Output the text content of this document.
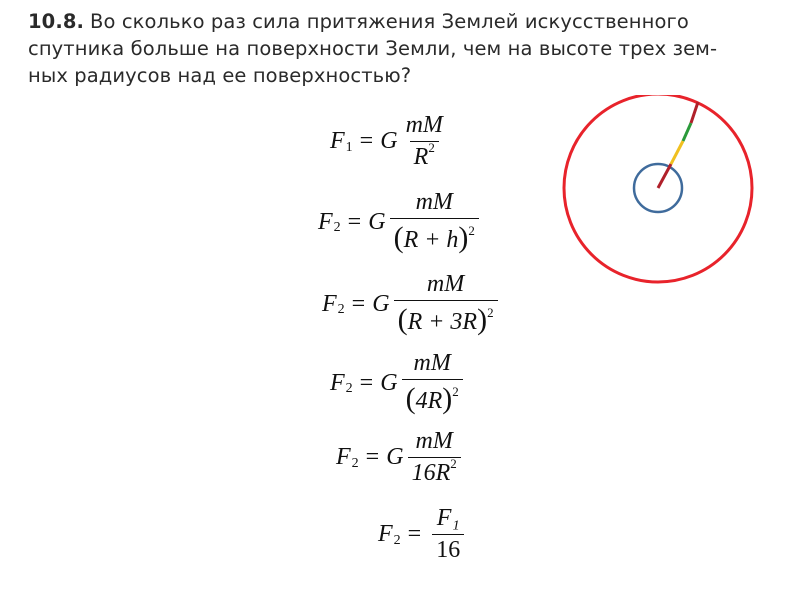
10.8. Во сколько раз сила притяжения Землей искусственного
спутника больше на поверхности Земли, чем на высоте трех зем-
ных радиусов над ее поверхностью?
F 1 = G $\frac{mM}{R^2}$
F 2 = G $\frac{mM}{(R + h)^2}$
F 2 = G $\frac{mM}{(R + 3R)^2}$
F 2 = G $\frac{mM}{(4R)^2}$
F 2 = G $\frac{mM}{16R^2}$
F $2 = \frac{\text{F₁}}{16}$
